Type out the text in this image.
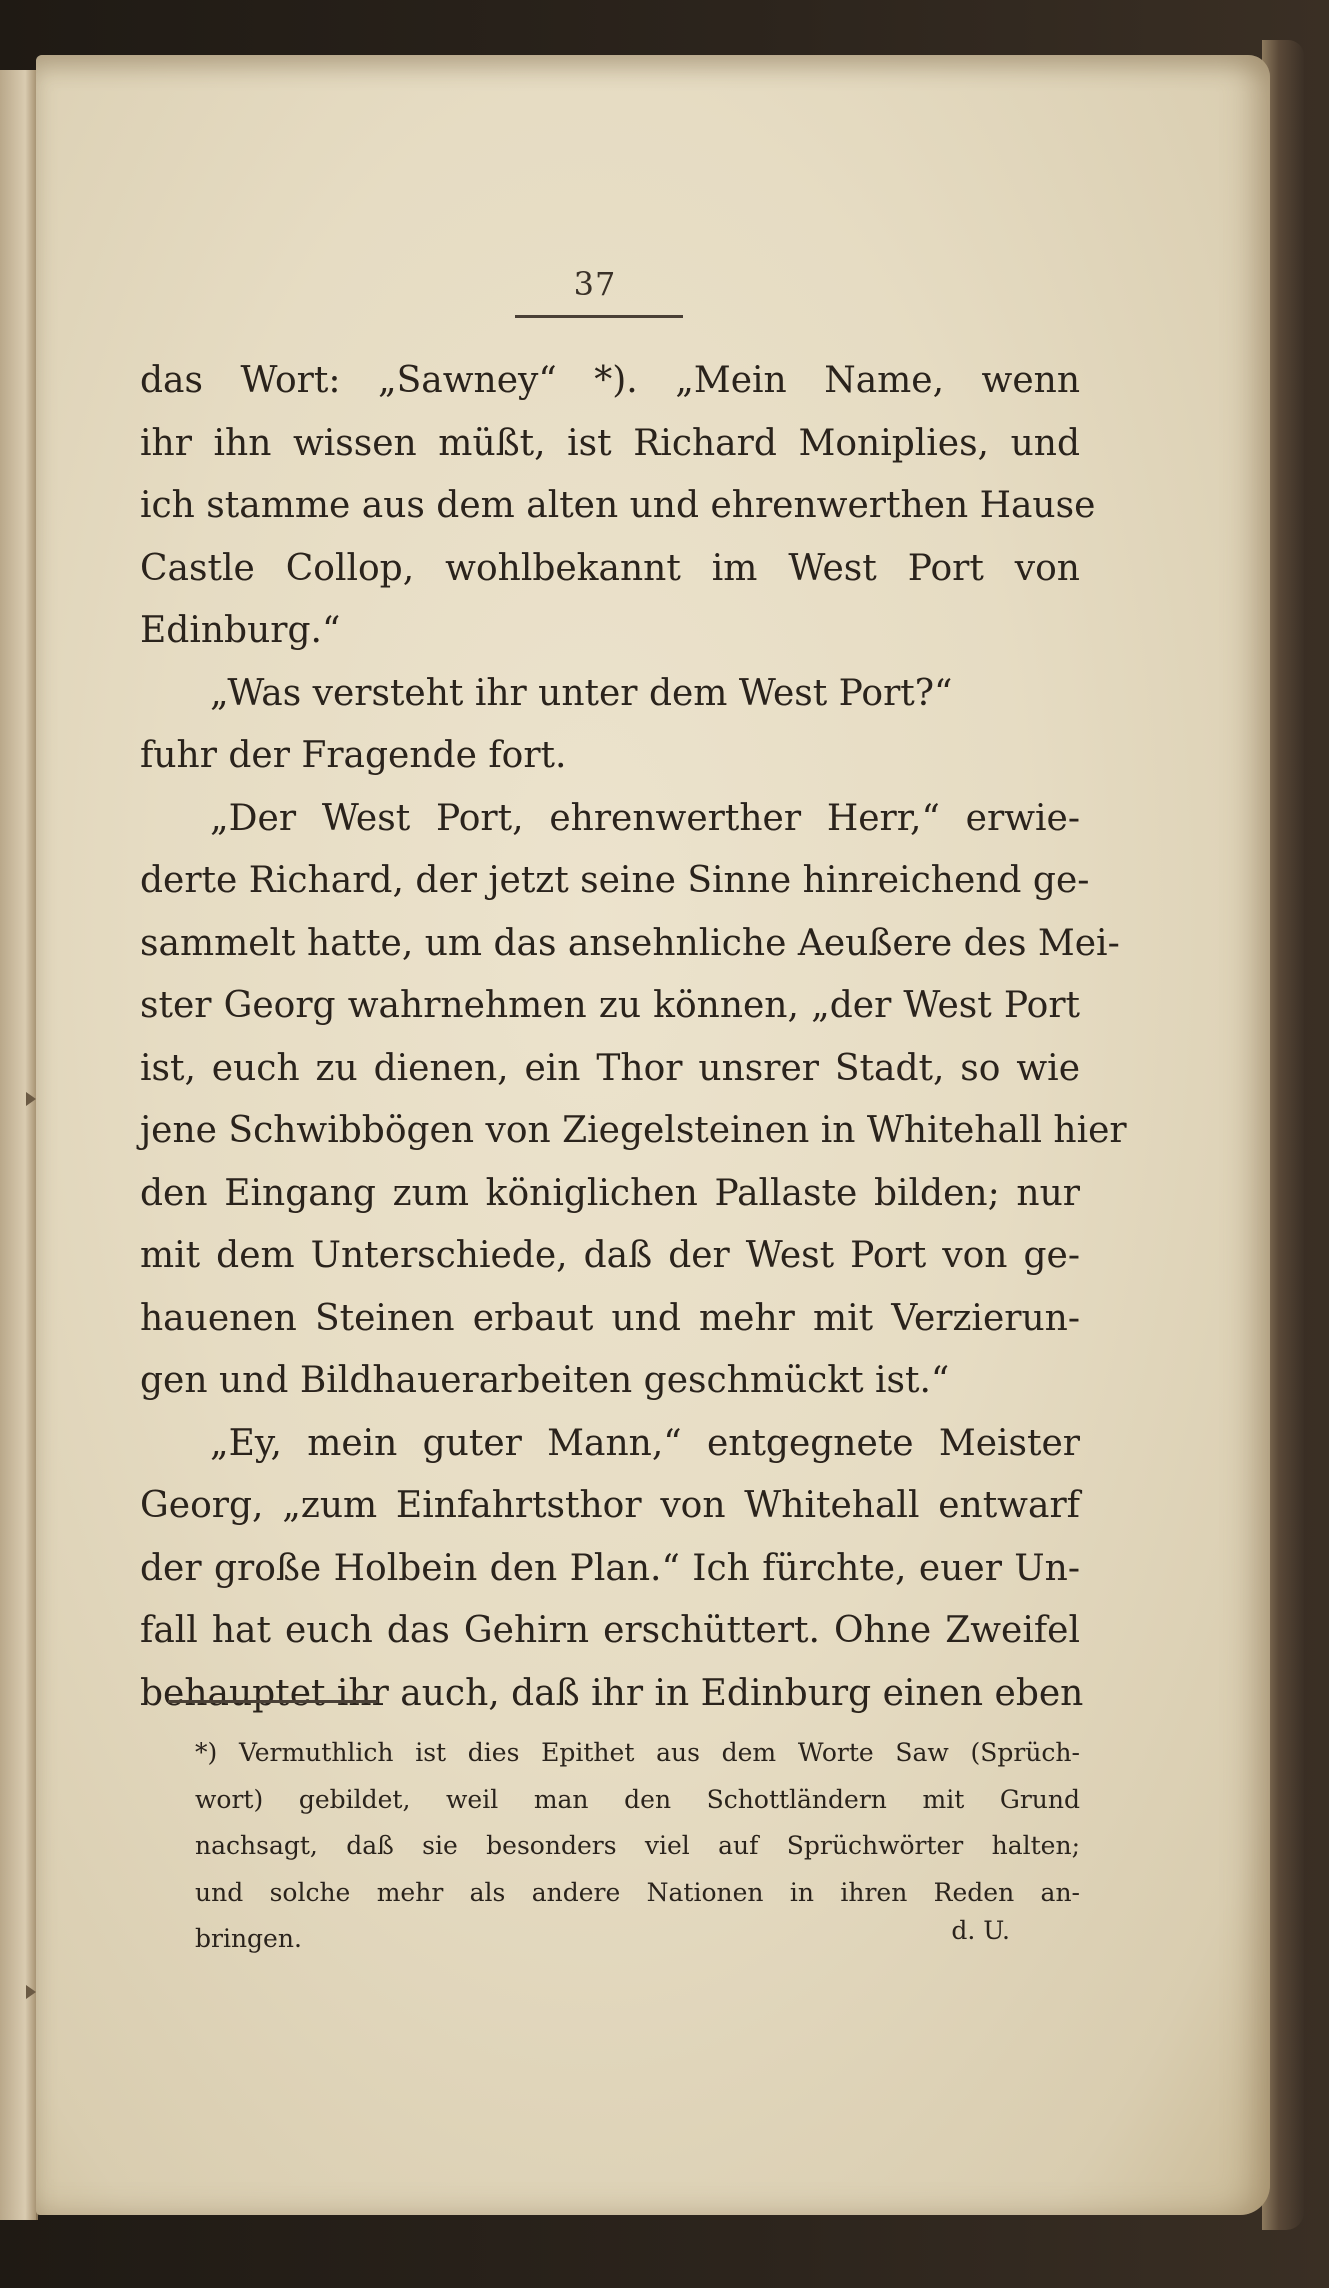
37
das Wort: „Sawney“ *). „Mein Name, wenn
ihr ihn wissen müßt, ist Richard Moniplies, und
ich stamme aus dem alten und ehrenwerthen Hause
Castle Collop, wohlbekannt im West Port von
Edinburg.“
„Was versteht ihr unter dem West Port?“
fuhr der Fragende fort.
„Der West Port, ehrenwerther Herr,“ erwie-
derte Richard, der jetzt seine Sinne hinreichend ge-
sammelt hatte, um das ansehnliche Aeußere des Mei-
ster Georg wahrnehmen zu können, „der West Port
ist, euch zu dienen, ein Thor unsrer Stadt, so wie
jene Schwibbögen von Ziegelsteinen in Whitehall hier
den Eingang zum königlichen Pallaste bilden; nur
mit dem Unterschiede, daß der West Port von ge-
hauenen Steinen erbaut und mehr mit Verzierun-
gen und Bildhauerarbeiten geschmückt ist.“
„Ey, mein guter Mann,“ entgegnete Meister
Georg, „zum Einfahrtsthor von Whitehall entwarf
der große Holbein den Plan.“ Ich fürchte, euer Un-
fall hat euch das Gehirn erschüttert. Ohne Zweifel
behauptet ihr auch, daß ihr in Edinburg einen eben
*) Vermuthlich ist dies Epithet aus dem Worte Saw (Sprüch-
wort) gebildet, weil man den Schottländern mit Grund
nachsagt, daß sie besonders viel auf Sprüchwörter halten;
und solche mehr als andere Nationen in ihren Reden an-
bringen.	d. U.
